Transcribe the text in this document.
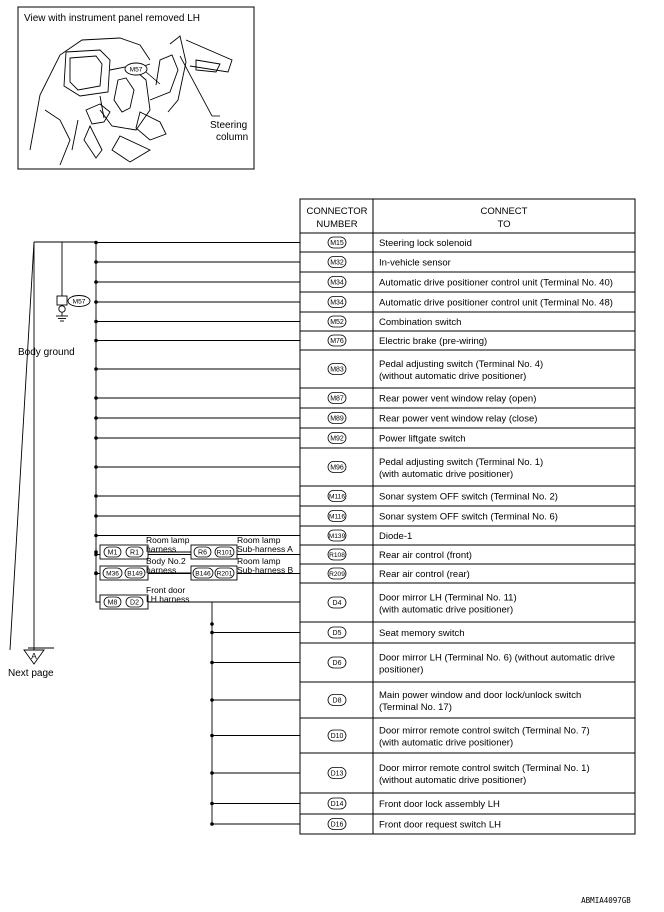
View with instrument panel removed LH
M57
Steering
column
CONNECTOR
NUMBER
CONNECT
TO
M15	Steering lock solenoid
M32	In-vehicle sensor
M34	Automatic drive positioner control unit (Terminal No. 40)
M34	Automatic drive positioner control unit (Terminal No. 48)
M52	Combination switch
M76	Electric brake (pre-wiring)
M83	Pedal adjusting switch (Terminal No. 4)
(without automatic drive positioner)
M87	Rear power vent window relay (open)
M89	Rear power vent window relay (close)
M92	Power liftgate switch
M96	Pedal adjusting switch (Terminal No. 1)
(with automatic drive positioner)
M116	Sonar system OFF switch (Terminal No. 2)
M116	Sonar system OFF switch (Terminal No. 6)
M139	Diode-1
R108	Rear air control (front)
R209	Rear air control (rear)
D4	Door mirror LH (Terminal No. 11)
(with automatic drive positioner)
D5	Seat memory switch
D6	Door mirror LH (Terminal No. 6) (without automatic drive
positioner)
D8	Main power window and door lock/unlock switch
(Terminal No. 17)
D10	Door mirror remote control switch (Terminal No. 7)
(with automatic drive positioner)
D13	Door mirror remote control switch (Terminal No. 1)
(without automatic drive positioner)
D14	Front door lock assembly LH
D16	Front door request switch LH
M57
Body ground
M1 R1
Room lamp
harness	R6 R101
Room lamp
Sub-harness A
M36 B149
Body No.2
harness	B146 R201
Room lamp
Sub-harness B
M8 D2
Front door
LH harness
A
Next page
ABMIA4097GB
